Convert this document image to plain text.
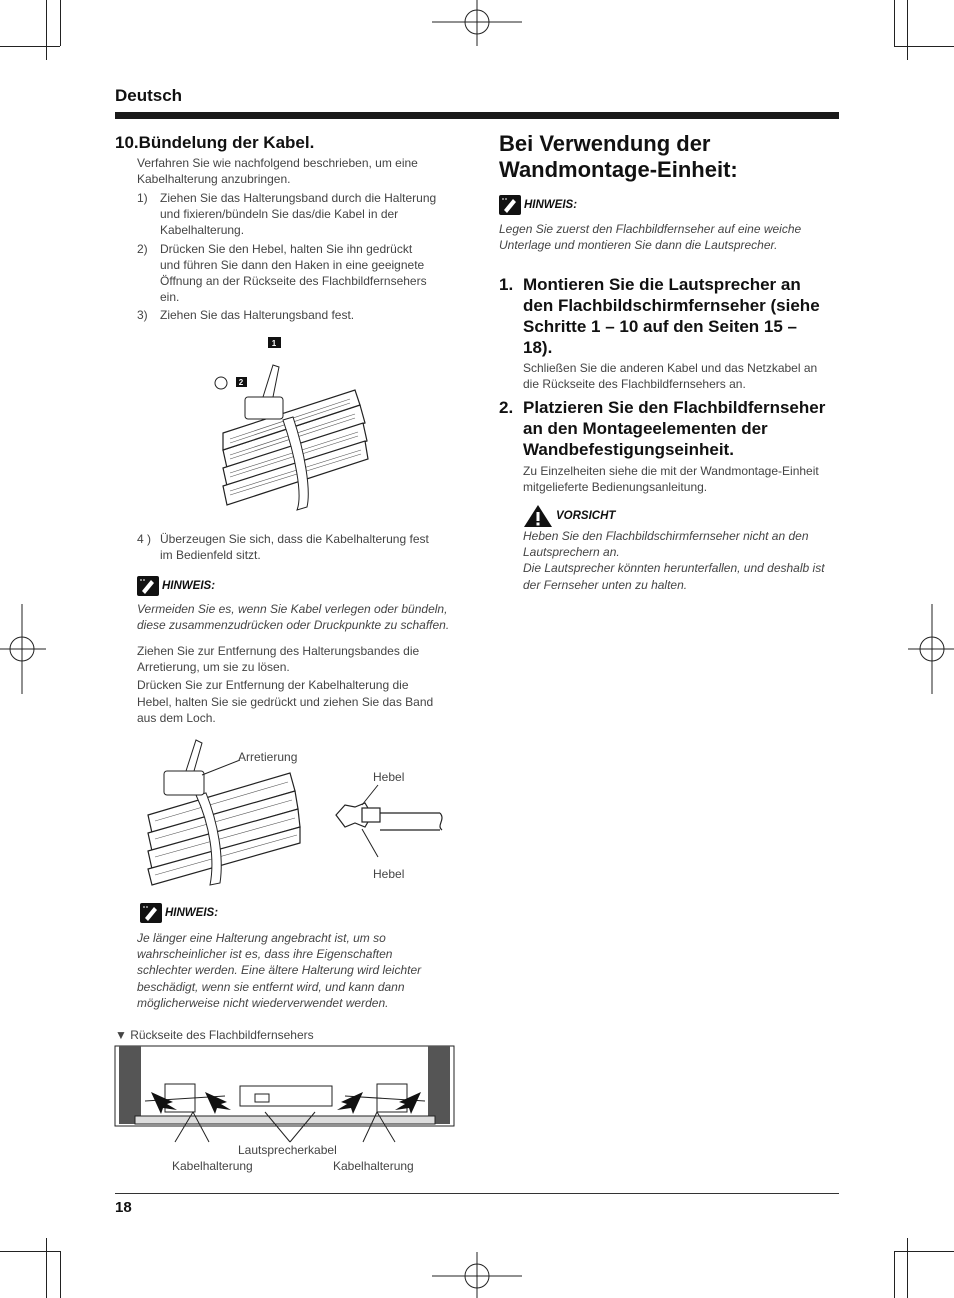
Deutsch
10.Bündelung der Kabel.
Verfahren Sie wie nachfolgend beschrieben, um eine
Kabelhalterung anzubringen.
1)	Ziehen Sie das Halterungsband durch die Halterung
und fixieren/bündeln Sie das/die Kabel in der
Kabelhalterung.
2)	Drücken Sie den Hebel, halten Sie ihn gedrückt
und führen Sie dann den Haken in eine geeignete
Öffnung an der Rückseite des Flachbildfernsehers
ein.
3)	Ziehen Sie das Halterungsband fest.
1
2
4 ) Überzeugen Sie sich, dass die Kabelhalterung fest
im Bedienfeld sitzt.
HINWEIS:
Vermeiden Sie es, wenn Sie Kabel verlegen oder bündeln,
diese zusammenzudrücken oder Druckpunkte zu schaffen.
Ziehen Sie zur Entfernung des Halterungsbandes die
Arretierung, um sie zu lösen.
Drücken Sie zur Entfernung der Kabelhalterung die
Hebel, halten Sie sie gedrückt und ziehen Sie das Band
aus dem Loch.
Arretierung
Hebel
Hebel
HINWEIS:
Je länger eine Halterung angebracht ist, um so
wahrscheinlicher ist es, dass ihre Eigenschaften
schlechter werden. Eine ältere Halterung wird leichter
beschädigt, wenn sie entfernt wird, und kann dann
möglicherweise nicht wiederverwendet werden.
▼ Rückseite des Flachbildfernsehers
Lautsprecherkabel
Kabelhalterung	Kabelhalterung
Bei Verwendung der
Wandmontage-Einheit:
HINWEIS:
Legen Sie zuerst den Flachbildfernseher auf eine weiche
Unterlage und montieren Sie dann die Lautsprecher.
1. Montieren Sie die Lautsprecher an
den Flachbildschirmfernseher (siehe
Schritte 1 – 10 auf den Seiten 15 –
18).
Schließen Sie die anderen Kabel und das Netzkabel an
die Rückseite des Flachbildfernsehers an.
2. Platzieren Sie den Flachbildfernseher
an den Montageelementen der
Wandbefestigungseinheit.
Zu Einzelheiten siehe die mit der Wandmontage-Einheit
mitgelieferte Bedienungsanleitung.
VORSICHT
Heben Sie den Flachbildschirmfernseher nicht an den
Lautsprechern an.
Die Lautsprecher könnten herunterfallen, und deshalb ist
der Fernseher unten zu halten.
18
